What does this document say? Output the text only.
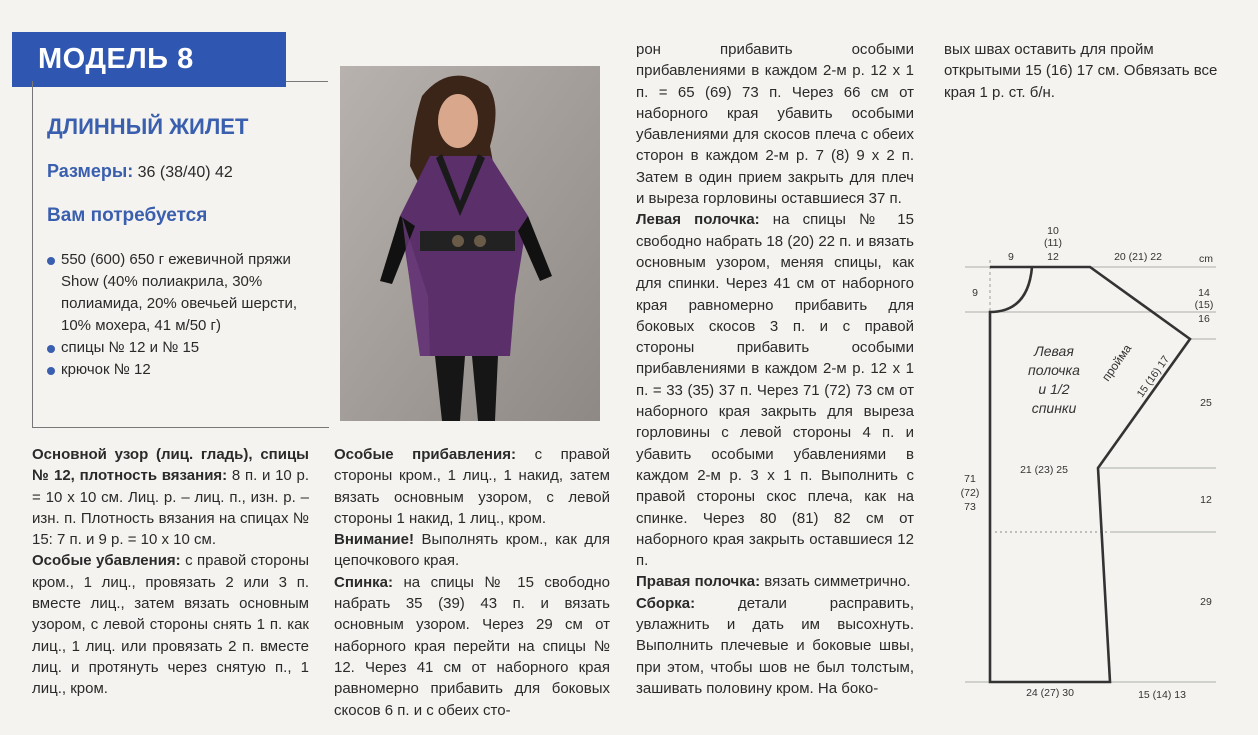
МОДЕЛЬ 8
ДЛИННЫЙ ЖИЛЕТ
Размеры: 36 (38/40) 42
Вам потребуется
550 (600) 650 г ежевичной пряжи Show (40% полиакрила, 30% полиамида, 20% овечьей шерсти, 10% мохера, 41 м/50 г)
спицы № 12 и № 15
крючок № 12

Основной узор (лиц. гладь), спицы № 12, плотность вязания: 8 п. и 10 р. = 10 х 10 см. Лиц. р. – лиц. п., изн. р. – изн. п. Плотность вязания на спицах № 15: 7 п. и 9 р. = 10 х 10 см.

Особые убавления: с правой стороны кром., 1 лиц., провязать 2 или 3 п. вместе лиц., затем вязать основным узором, с левой стороны снять 1 п. как лиц., 1 лиц. или провязать 2 п. вместе лиц. и протянуть через снятую п., 1 лиц., кром.

Особые прибавления: с правой стороны кром., 1 лиц., 1 накид, затем вязать основным узором, с левой стороны 1 накид, 1 лиц., кром.

Внимание! Выполнять кром., как для цепочкового края.

Спинка: на спицы № 15 свободно набрать 35 (39) 43 п. и вязать основным узором. Через 29 см от наборного края перейти на спицы № 12. Через 41 см от наборного края равномерно прибавить для боковых скосов 6 п. и с обеих сто-

рон прибавить особыми прибавлениями в каждом 2-м р. 12 х 1 п. = 65 (69) 73 п. Через 66 см от наборного края убавить особыми убавлениями для скосов плеча с обеих сторон в каждом 2-м р. 7 (8) 9 х 2 п. Затем в один прием закрыть для плеч и выреза горловины оставшиеся 37 п.

Левая полочка: на спицы № 15 свободно набрать 18 (20) 22 п. и вязать основным узором, меняя спицы, как для спинки. Через 41 см от наборного края равномерно прибавить для боковых скосов 3 п. и с правой стороны прибавить особыми прибавлениями в каждом 2-м р. 12 х 1 п. = 33 (35) 37 п. Через 71 (72) 73 см от наборного края закрыть для выреза горловины с левой стороны 4 п. и убавить особыми убавлениями в каждом 2-м р. 3 х 1 п. Выполнить с правой стороны скос плеча, как на спинке. Через 80 (81) 82 см от наборного края закрыть оставшиеся 12 п.

Правая полочка: вязать симметрично.

Сборка: детали расправить, увлажнить и дать им высохнуть. Выполнить плечевые и боковые швы, при этом, чтобы шов не был толстым, зашивать половину кром. На боко-

вых швах оставить для пройм открытыми 15 (16) 17 см. Обвязать все края 1 р. ст. б/н.

9
10
(11)
12	20 (21) 22	cm
9	14
(15)
16
25
12
29
71
(72)
73
21 (23) 25
24 (27) 30	15 (14) 13
Левая
полочка
и 1/2
спинки
пройма 15 (16) 17
